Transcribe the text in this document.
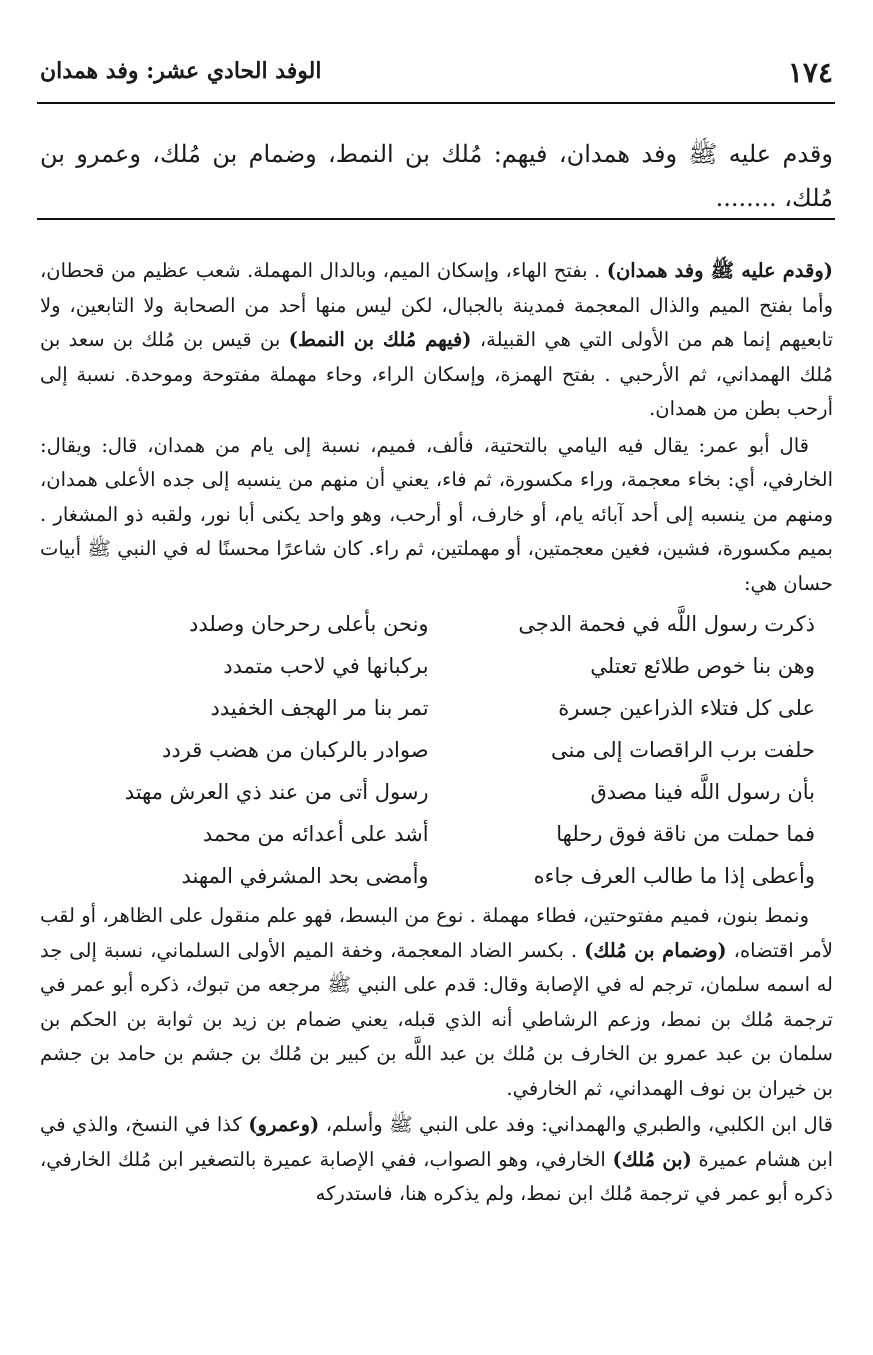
١٧٤
الوفد الحادي عشر: وفد همدان
وقدم عليه ﷺ وفد همدان، فيهم: مُلك بن النمط، وضمام بن مُلك، وعمرو بن مُلك، ........

(وقدم عليه ﷺ وفد همدان) . بفتح الهاء، وإسكان الميم، وبالدال المهملة. شعب عظيم من قحطان، وأما بفتح الميم والذال المعجمة فمدينة بالجبال، لكن ليس منها أحد من الصحابة ولا التابعين، ولا تابعيهم إنما هم من الأولى التي هي القبيلة، (فيهم مُلك بن النمط) بن قيس بن مُلك بن سعد بن مُلك الهمداني، ثم الأرحبي . بفتح الهمزة، وإسكان الراء، وحاء مهملة مفتوحة وموحدة. نسبة إلى أرحب بطن من همدان.

قال أبو عمر: يقال فيه اليامي بالتحتية، فألف، فميم، نسبة إلى يام من همدان، قال: ويقال: الخارفي، أي: بخاء معجمة، وراء مكسورة، ثم فاء، يعني أن منهم من ينسبه إلى جده الأعلى همدان، ومنهم من ينسبه إلى أحد آبائه يام، أو خارف، أو أرحب، وهو واحد يكنى أبا نور، ولقبه ذو المشغار . بميم مكسورة، فشين، فغين معجمتين، أو مهملتين، ثم راء. كان شاعرًا محسنًا له في النبي ﷺ أبيات حسان هي:

ذكرت رسول اللَّه في فحمة الدجى
ونحن بأعلى رحرحان وصلدد
وهن بنا خوص طلائع تعتلي
بركبانها في لاحب متمدد
على كل فتلاء الذراعين جسرة
تمر بنا مر الهجف الخفيدد
حلفت برب الراقصات إلى منى
صوادر بالركبان من هضب قردد
بأن رسول اللَّه فينا مصدق
رسول أتى من عند ذي العرش مهتد
فما حملت من ناقة فوق رحلها
أشد على أعدائه من محمد
وأعطى إذا ما طالب العرف جاءه
وأمضى بحد المشرفي المهند

ونمط بنون، فميم مفتوحتين، فطاء مهملة . نوع من البسط، فهو علم منقول على الظاهر، أو لقب لأمر اقتضاه، (وضمام بن مُلك) . بكسر الضاد المعجمة، وخفة الميم الأولى السلماني، نسبة إلى جد له اسمه سلمان، ترجم له في الإصابة وقال: قدم على النبي ﷺ مرجعه من تبوك، ذكره أبو عمر في ترجمة مُلك بن نمط، وزعم الرشاطي أنه الذي قبله، يعني ضمام بن زيد بن ثوابة بن الحكم بن سلمان بن عبد عمرو بن الخارف بن مُلك بن عبد اللَّه بن كبير بن مُلك بن جشم بن حامد بن جشم بن خيران بن نوف الهمداني، ثم الخارفي.

قال ابن الكلبي، والطبري والهمداني: وفد على النبي ﷺ وأسلم، (وعمرو) كذا في النسخ، والذي في ابن هشام عميرة (بن مُلك) الخارفي، وهو الصواب، ففي الإصابة عميرة بالتصغير ابن مُلك الخارفي، ذكره أبو عمر في ترجمة مُلك ابن نمط، ولم يذكره هنا، فاستدركه
